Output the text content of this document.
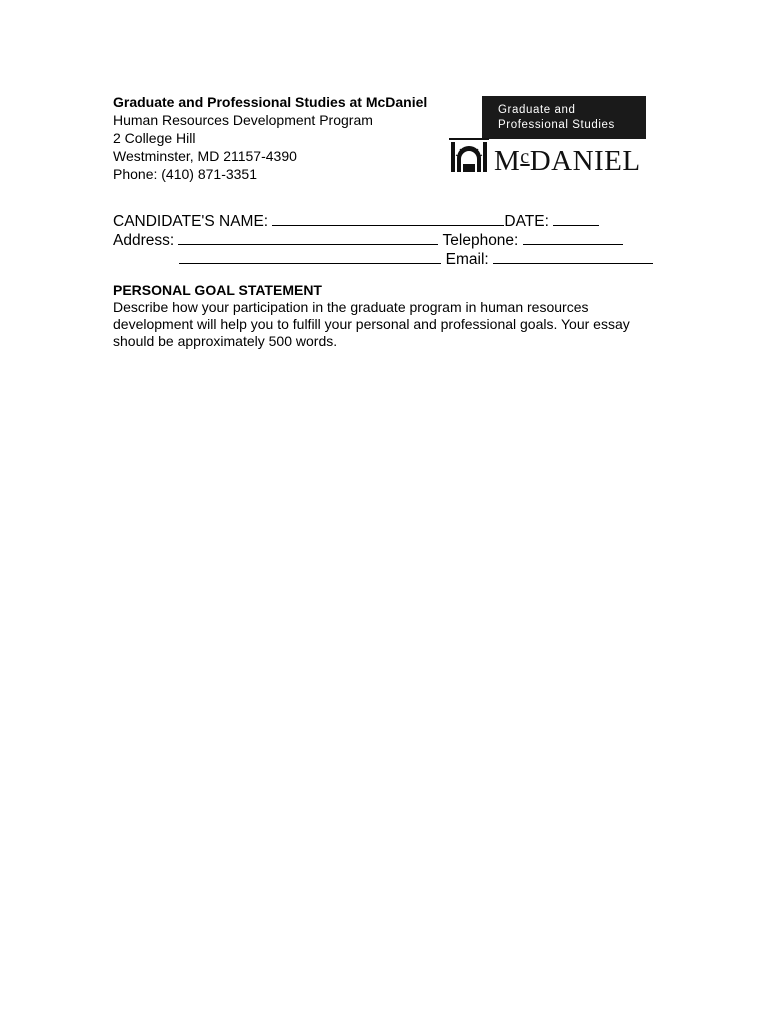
Graduate and Professional Studies at McDaniel
Human Resources Development Program
2 College Hill
Westminster, MD 21157-4390
Phone: (410) 871-3351
Graduate and
Professional Studies
$M^cDANIEL$
CANDIDATE'S NAME:	DATE:
Address:	Telephone:
Email:
PERSONAL GOAL STATEMENT
Describe how your participation in the graduate program in human resources development will help you to fulfill your personal and professional goals. Your essay should be approximately 500 words.
